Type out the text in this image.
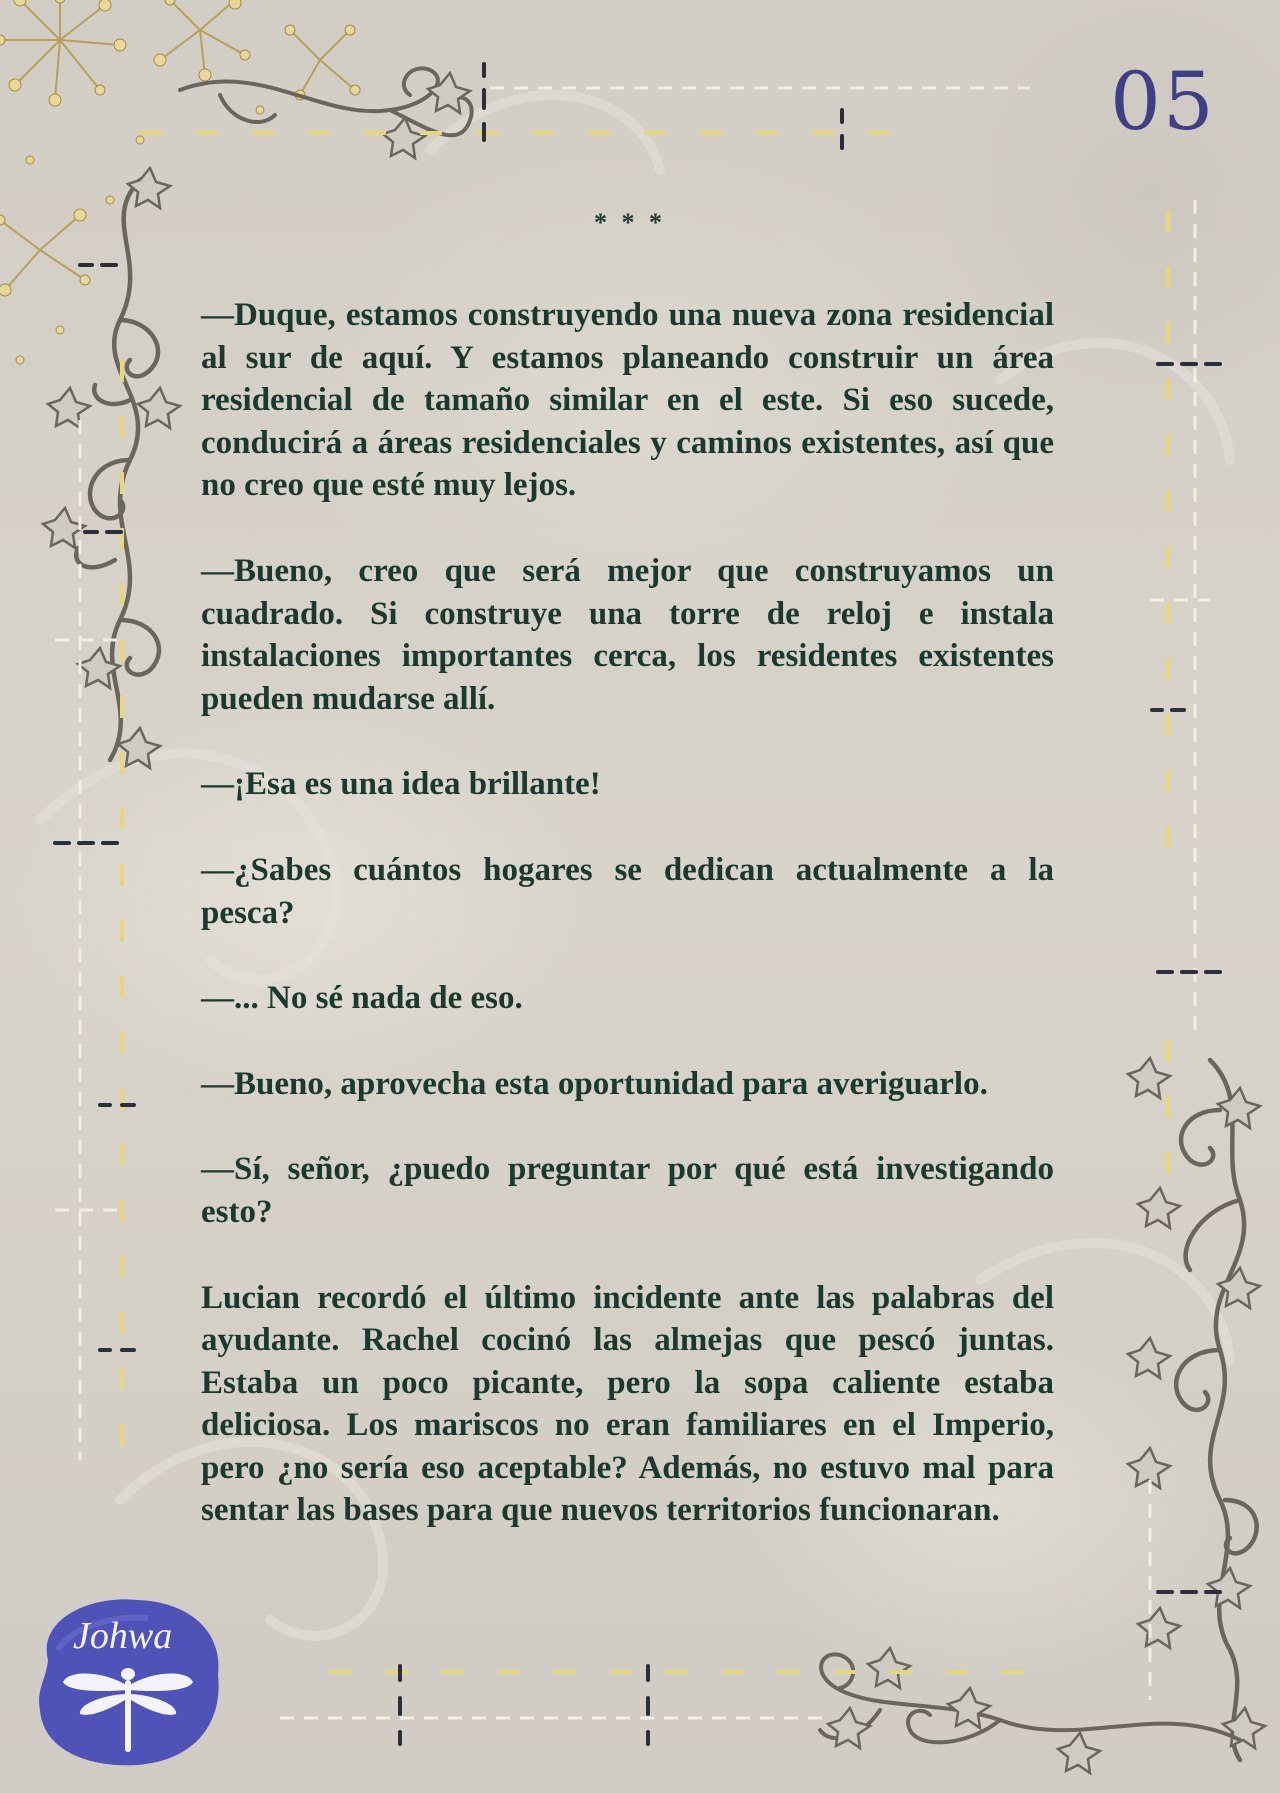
05
* * *

—Duque, estamos construyendo una nueva zona residencial al sur de aquí. Y estamos planeando construir un área residencial de tamaño similar en el este. Si eso sucede, conducirá a áreas residenciales y caminos existentes, así que no creo que esté muy lejos.

—Bueno, creo que será mejor que construyamos un cuadrado. Si construye una torre de reloj e instala instalaciones importantes cerca, los residentes existentes pueden mudarse allí.

—¡Esa es una idea brillante!

—¿Sabes cuántos hogares se dedican actualmente a la pesca?

—... No sé nada de eso.

—Bueno, aprovecha esta oportunidad para averiguarlo.

—Sí, señor, ¿puedo preguntar por qué está investigando esto?

Lucian recordó el último incidente ante las palabras del ayudante. Rachel cocinó las almejas que pescó juntas. Estaba un poco picante, pero la sopa caliente estaba deliciosa. Los mariscos no eran familiares en el Imperio, pero ¿no sería eso aceptable? Además, no estuvo mal para sentar las bases para que nuevos territorios funcionaran.

Johwa
